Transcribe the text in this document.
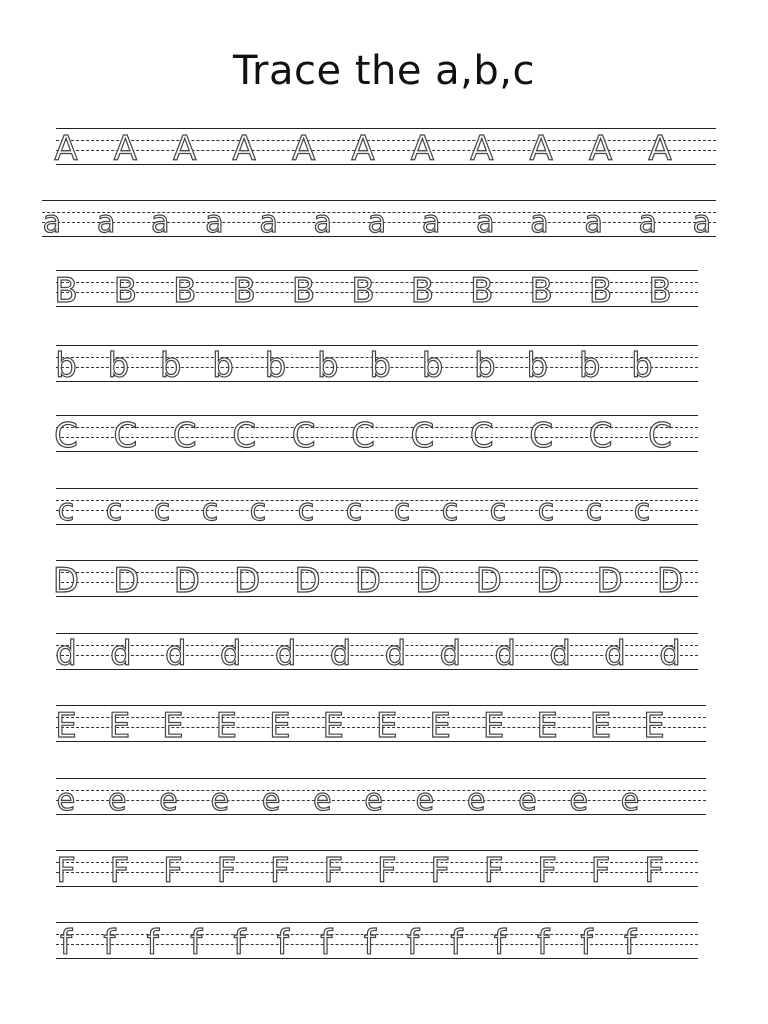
Trace the a,b,c
A A A A A A A A A A A
a a a a a a a a a a a a a
B B B B B B B B B B B
b b b b b b b b b b b b
C C C C C C C C C C C
c c c c c c c c c c c c c
D D D D D D D D D D D
d d d d d d d d d d d d
E E E E E E E E E E E E
e e e e e e e e e e e e
F F F F F F F F F F F F
f f f f f f f f f f f f f f
